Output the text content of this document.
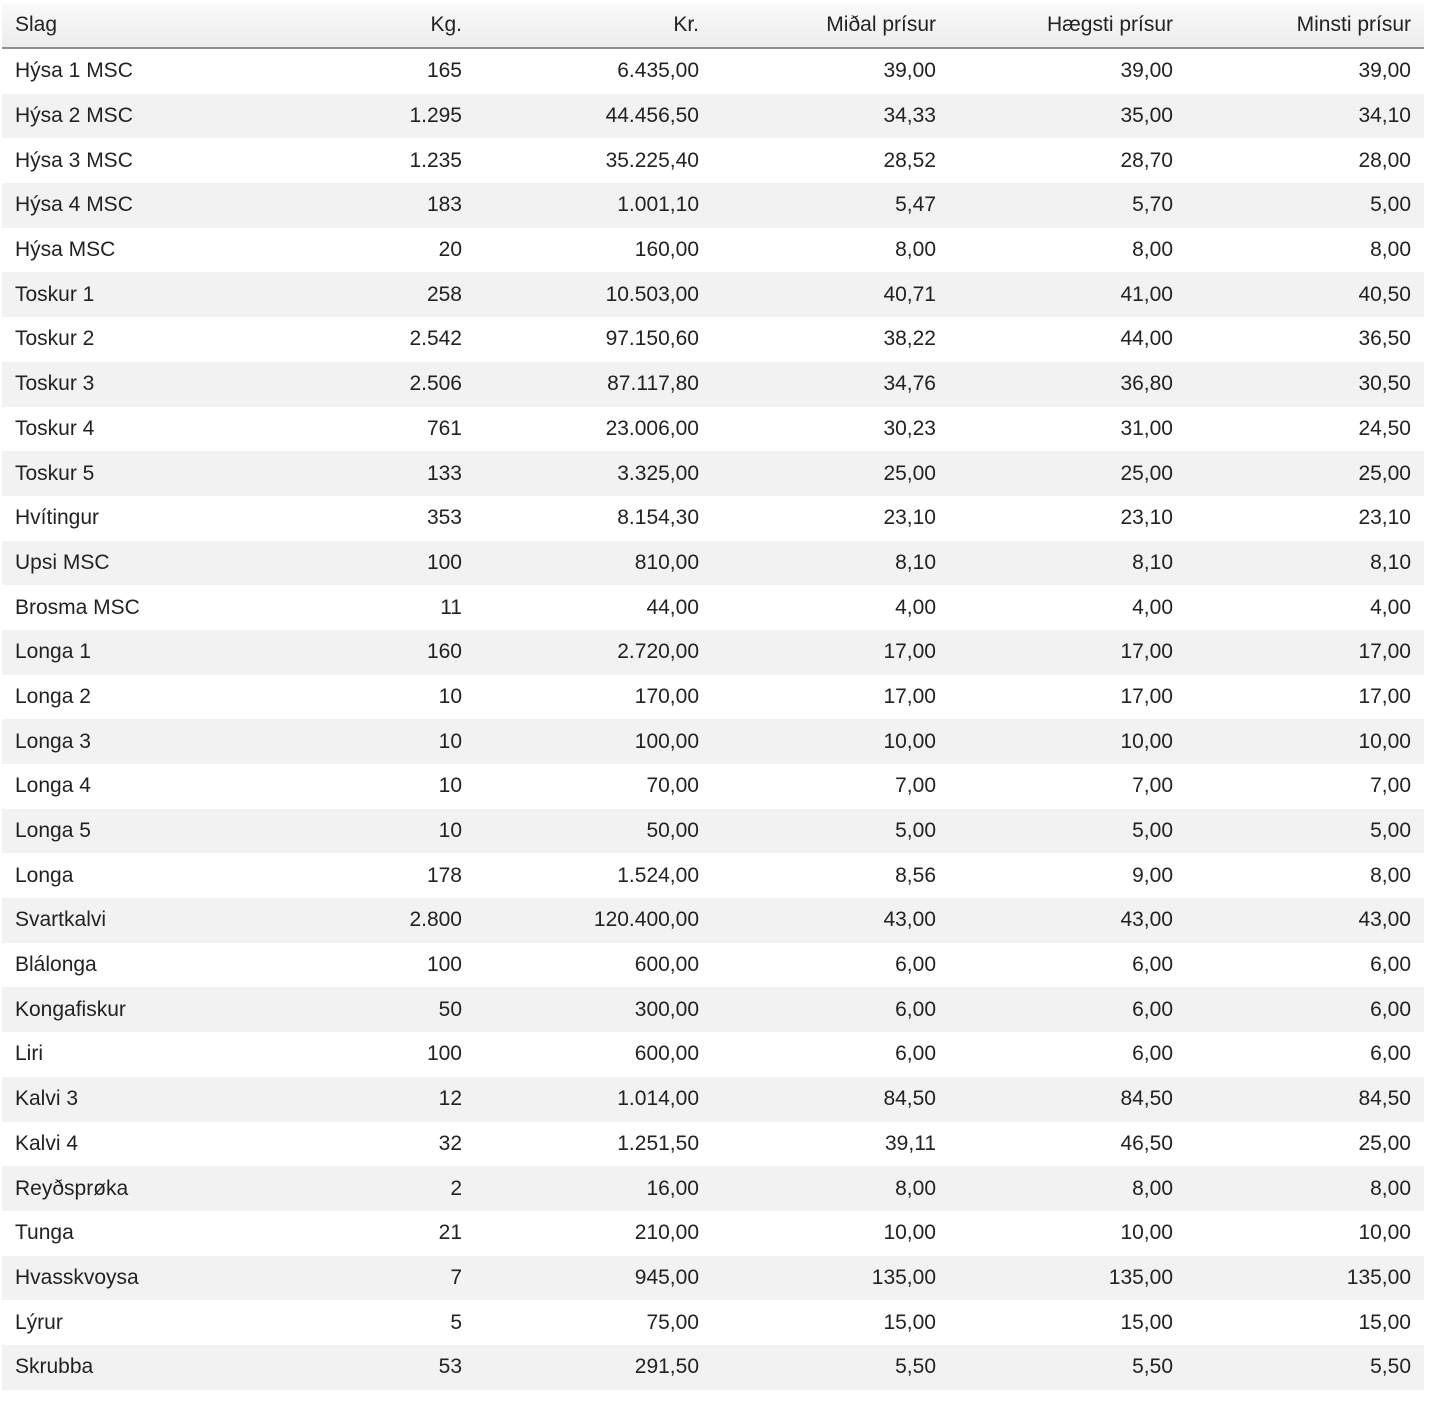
Slag	Kg.	Kr.	Miðal prísur	Hægsti prísur	Minsti prísur
Hýsa 1 MSC	165	6.435,00	39,00	39,00	39,00
Hýsa 2 MSC	1.295	44.456,50	34,33	35,00	34,10
Hýsa 3 MSC	1.235	35.225,40	28,52	28,70	28,00
Hýsa 4 MSC	183	1.001,10	5,47	5,70	5,00
Hýsa MSC	20	160,00	8,00	8,00	8,00
Toskur 1	258	10.503,00	40,71	41,00	40,50
Toskur 2	2.542	97.150,60	38,22	44,00	36,50
Toskur 3	2.506	87.117,80	34,76	36,80	30,50
Toskur 4	761	23.006,00	30,23	31,00	24,50
Toskur 5	133	3.325,00	25,00	25,00	25,00
Hvítingur	353	8.154,30	23,10	23,10	23,10
Upsi MSC	100	810,00	8,10	8,10	8,10
Brosma MSC	11	44,00	4,00	4,00	4,00
Longa 1	160	2.720,00	17,00	17,00	17,00
Longa 2	10	170,00	17,00	17,00	17,00
Longa 3	10	100,00	10,00	10,00	10,00
Longa 4	10	70,00	7,00	7,00	7,00
Longa 5	10	50,00	5,00	5,00	5,00
Longa	178	1.524,00	8,56	9,00	8,00
Svartkalvi	2.800	120.400,00	43,00	43,00	43,00
Blálonga	100	600,00	6,00	6,00	6,00
Kongafiskur	50	300,00	6,00	6,00	6,00
Liri	100	600,00	6,00	6,00	6,00
Kalvi 3	12	1.014,00	84,50	84,50	84,50
Kalvi 4	32	1.251,50	39,11	46,50	25,00
Reyðsprøka	2	16,00	8,00	8,00	8,00
Tunga	21	210,00	10,00	10,00	10,00
Hvasskvoysa	7	945,00	135,00	135,00	135,00
Lýrur	5	75,00	15,00	15,00	15,00
Skrubba	53	291,50	5,50	5,50	5,50
